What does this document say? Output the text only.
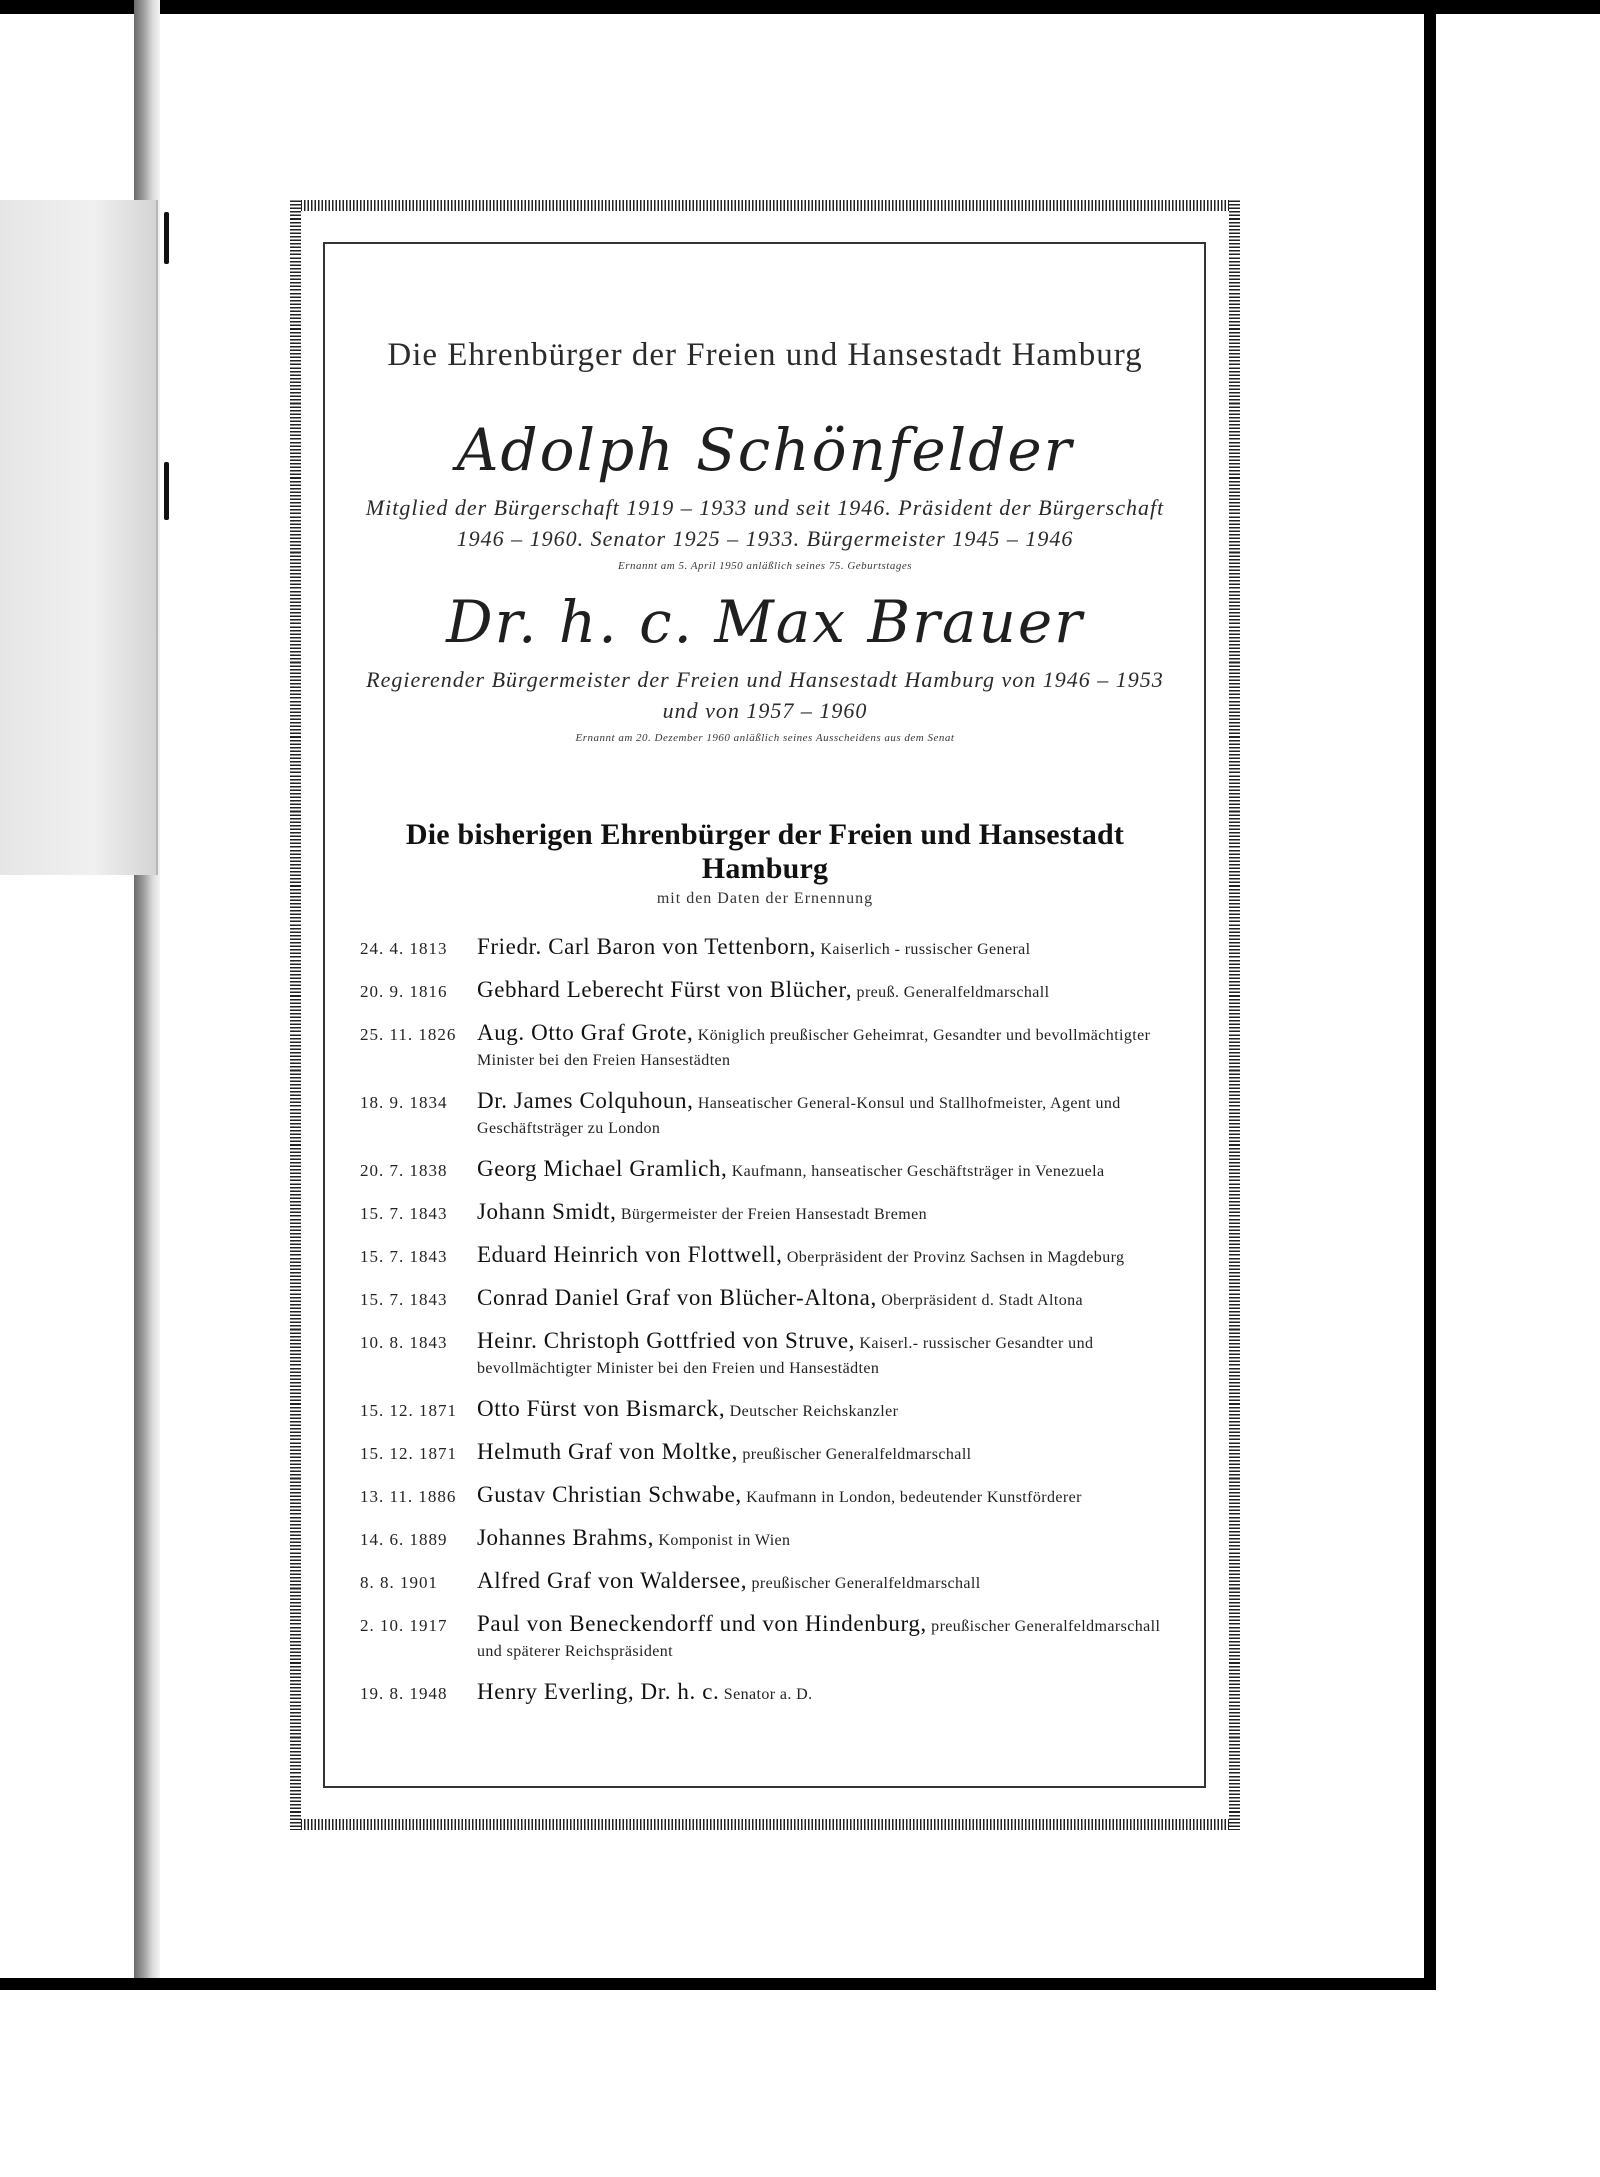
Die Ehrenbürger der Freien und Hansestadt Hamburg
Adolph Schönfelder
Mitglied der Bürgerschaft 1919 – 1933 und seit 1946. Präsident der Bürgerschaft 1946 – 1960. Senator 1925 – 1933. Bürgermeister 1945 – 1946
Ernannt am 5. April 1950 anläßlich seines 75. Geburtstages
Dr. h. c. Max Brauer
Regierender Bürgermeister der Freien und Hansestadt Hamburg von 1946 – 1953 und von 1957 – 1960
Ernannt am 20. Dezember 1960 anläßlich seines Ausscheidens aus dem Senat
Die bisherigen Ehrenbürger der Freien und Hansestadt Hamburg
mit den Daten der Ernennung
24. 4. 1813	Friedr. Carl Baron von Tettenborn, Kaiserlich - russischer General
20. 9. 1816	Gebhard Leberecht Fürst von Blücher, preuß. Generalfeldmarschall
25. 11. 1826 Aug. Otto Graf Grote, Königlich preußischer Geheimrat, Gesandter und bevollmächtigter Minister bei den Freien Hansestädten
18. 9. 1834	Dr. James Colquhoun, Hanseatischer General-Konsul und Stallhofmeister, Agent und Geschäftsträger zu London
20. 7. 1838	Georg Michael Gramlich, Kaufmann, hanseatischer Geschäftsträger in Venezuela
15. 7. 1843	Johann Smidt, Bürgermeister der Freien Hansestadt Bremen
15. 7. 1843	Eduard Heinrich von Flottwell, Oberpräsident der Provinz Sachsen in Magdeburg
15. 7. 1843	Conrad Daniel Graf von Blücher-Altona, Oberpräsident d. Stadt Altona
10. 8. 1843	Heinr. Christoph Gottfried von Struve, Kaiserl.- russischer Gesandter und bevollmächtigter Minister bei den Freien und Hansestädten
15. 12. 1871 Otto Fürst von Bismarck, Deutscher Reichskanzler
15. 12. 1871 Helmuth Graf von Moltke, preußischer Generalfeldmarschall
13. 11. 1886 Gustav Christian Schwabe, Kaufmann in London, bedeutender Kunstförderer
14. 6. 1889	Johannes Brahms, Komponist in Wien
8. 8. 1901	Alfred Graf von Waldersee, preußischer Generalfeldmarschall
2. 10. 1917	Paul von Beneckendorff und von Hindenburg, preußischer Generalfeldmarschall und späterer Reichspräsident
19. 8. 1948	Henry Everling, Dr. h. c. Senator a. D.
